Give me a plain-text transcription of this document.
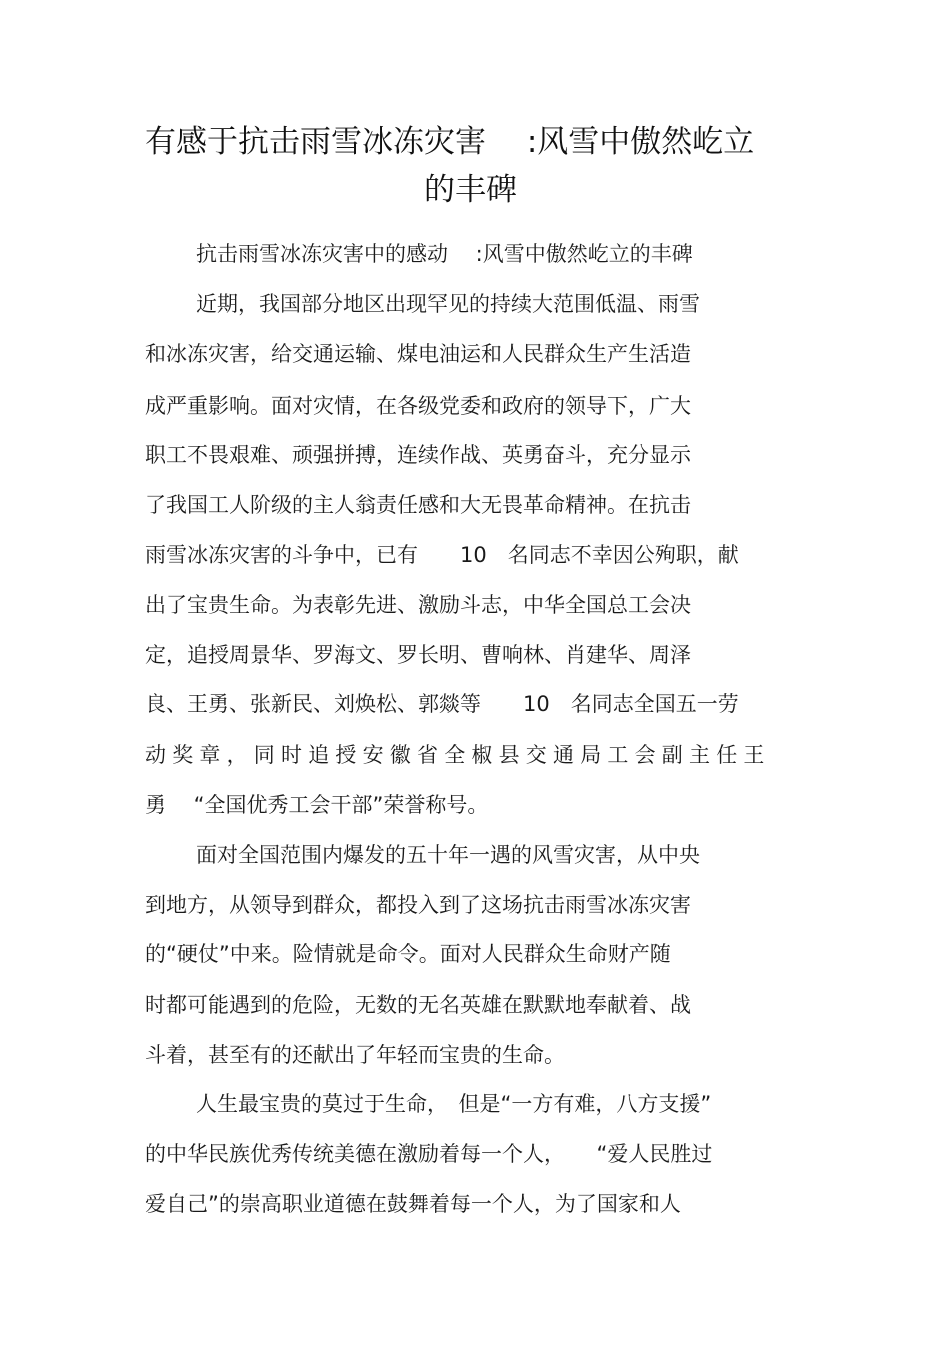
有感于抗击雨雪冰冻灾害　 :风雪中傲然屹立
的丰碑
抗击雨雪冰冻灾害中的感动　 :风雪中傲然屹立的丰碑
近期，我国部分地区出现罕见的持续大范围低温、雨雪
和冰冻灾害，给交通运输、煤电油运和人民群众生产生活造
成严重影响。面对灾情，在各级党委和政府的领导下，广大
职工不畏艰难、顽强拼搏，连续作战、英勇奋斗，充分显示
了我国工人阶级的主人翁责任感和大无畏革命精神。在抗击
雨雪冰冻灾害的斗争中，已有　　10　名同志不幸因公殉职，献
出了宝贵生命。为表彰先进、激励斗志，中华全国总工会决
定，追授周景华、罗海文、罗长明、曹响林、肖建华、周泽
良、王勇、张新民、刘焕松、郭燚等　　10　名同志全国五一劳
动奖章，同时追授安徽省全椒县交通局工会副主任王
勇　 “全国优秀工会干部”荣誉称号。
面对全国范围内爆发的五十年一遇的风雪灾害，从中央
到地方，从领导到群众，都投入到了这场抗击雨雪冰冻灾害
的“硬仗”中来。险情就是命令。面对人民群众生命财产随
时都可能遇到的危险，无数的无名英雄在默默地奉献着、战
斗着，甚至有的还献出了年轻而宝贵的生命。
人生最宝贵的莫过于生命，　但是“一方有难，八方支援”
的中华民族优秀传统美德在激励着每一个人，　　“爱人民胜过
爱自己”的崇高职业道德在鼓舞着每一个人，为了国家和人
